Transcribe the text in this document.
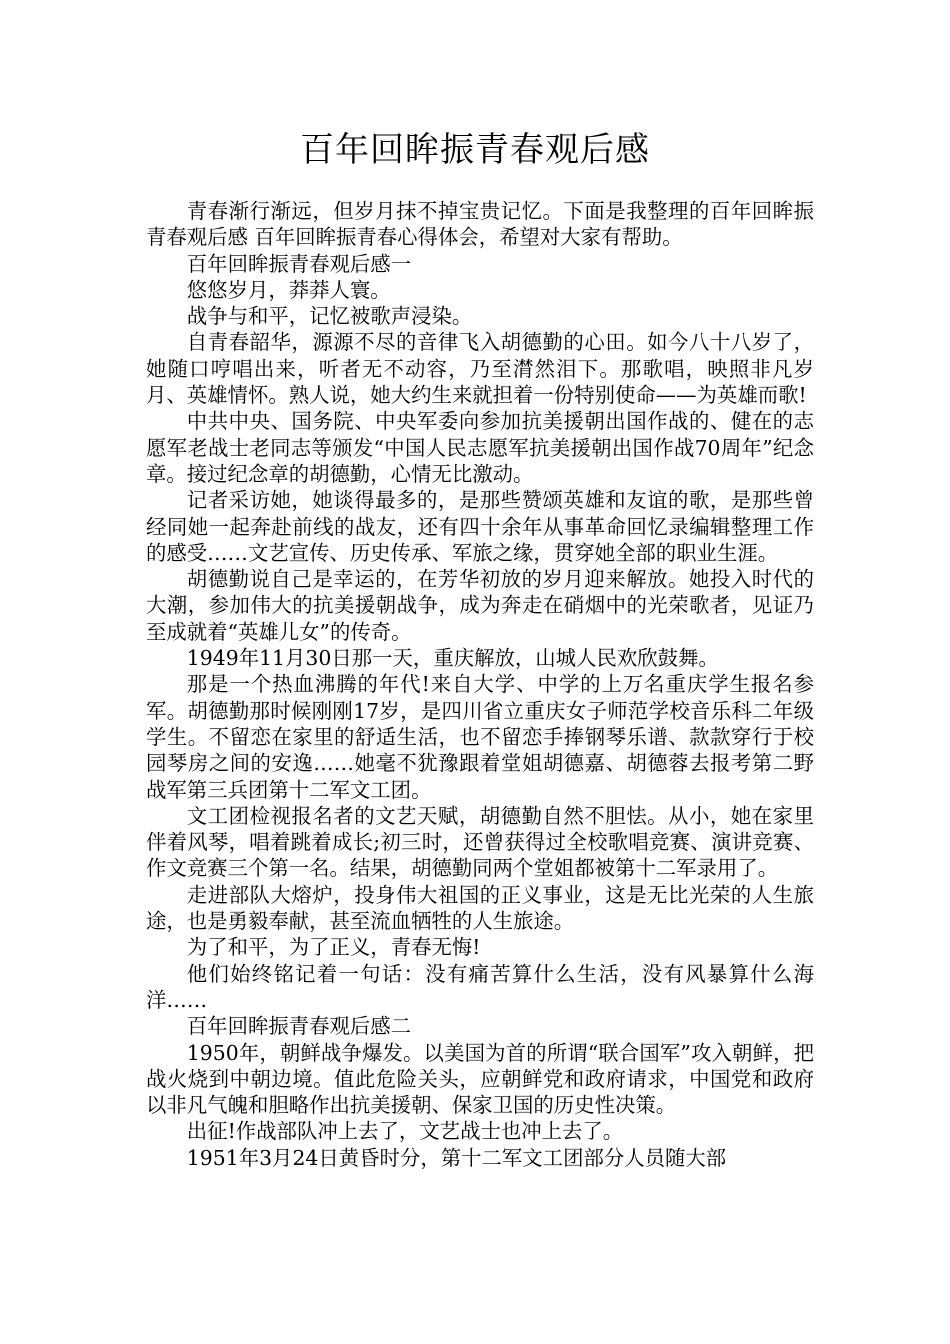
百年回眸振青春观后感

青春渐行渐远，但岁月抹不掉宝贵记忆。下面是我整理的百年回眸振青春观后感 百年回眸振青春心得体会，希望对大家有帮助。

百年回眸振青春观后感一

悠悠岁月，莽莽人寰。

战争与和平，记忆被歌声浸染。

自青春韶华，源源不尽的音律飞入胡德勤的心田。如今八十八岁了，她随口哼唱出来，听者无不动容，乃至潸然泪下。那歌唱，映照非凡岁月、英雄情怀。熟人说，她大约生来就担着一份特别使命——为英雄而歌!

中共中央、国务院、中央军委向参加抗美援朝出国作战的、健在的志愿军老战士老同志等颁发“中国人民志愿军抗美援朝出国作战70周年”纪念章。接过纪念章的胡德勤，心情无比激动。

记者采访她，她谈得最多的，是那些赞颂英雄和友谊的歌，是那些曾经同她一起奔赴前线的战友，还有四十余年从事革命回忆录编辑整理工作的感受……文艺宣传、历史传承、军旅之缘，贯穿她全部的职业生涯。

胡德勤说自己是幸运的，在芳华初放的岁月迎来解放。她投入时代的大潮，参加伟大的抗美援朝战争，成为奔走在硝烟中的光荣歌者，见证乃至成就着“英雄儿女”的传奇。

1949年11月30日那一天，重庆解放，山城人民欢欣鼓舞。

那是一个热血沸腾的年代!来自大学、中学的上万名重庆学生报名参军。胡德勤那时候刚刚17岁，是四川省立重庆女子师范学校音乐科二年级学生。不留恋在家里的舒适生活，也不留恋手捧钢琴乐谱、款款穿行于校园琴房之间的安逸……她毫不犹豫跟着堂姐胡德嘉、胡德蓉去报考第二野战军第三兵团第十二军文工团。

文工团检视报名者的文艺天赋，胡德勤自然不胆怯。从小，她在家里伴着风琴，唱着跳着成长;初三时，还曾获得过全校歌唱竞赛、演讲竞赛、作文竞赛三个第一名。结果，胡德勤同两个堂姐都被第十二军录用了。

走进部队大熔炉，投身伟大祖国的正义事业，这是无比光荣的人生旅途，也是勇毅奉献，甚至流血牺牲的人生旅途。

为了和平，为了正义，青春无悔!

他们始终铭记着一句话：没有痛苦算什么生活，没有风暴算什么海洋……

百年回眸振青春观后感二

1950年，朝鲜战争爆发。以美国为首的所谓“联合国军”攻入朝鲜，把战火烧到中朝边境。值此危险关头，应朝鲜党和政府请求，中国党和政府以非凡气魄和胆略作出抗美援朝、保家卫国的历史性决策。

出征!作战部队冲上去了，文艺战士也冲上去了。

1951年3月24日黄昏时分，第十二军文工团部分人员随大部
